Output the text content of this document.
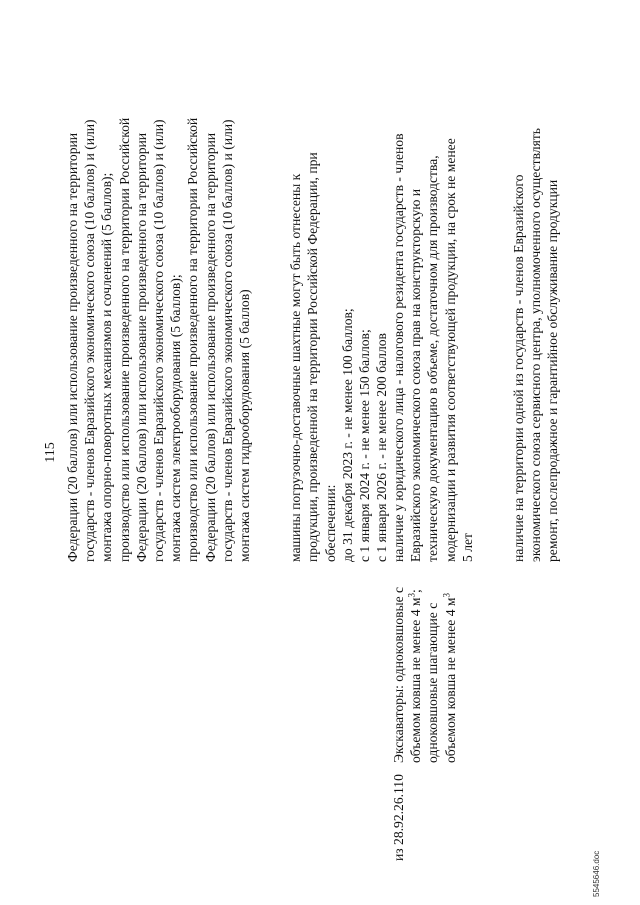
115 Федерации (20 баллов) или использование произведенного на территории государств - членов Евразийского экономического союза (10 баллов) и (или) монтажа опорно-поворотных механизмов и сочленений (5 баллов); производство или использование произведенного на территории Российской Федерации (20 баллов) или использование произведенного на территории государств - членов Евразийского экономического союза (10 баллов) и (или) монтажа систем электрооборудования (5 баллов); производство или использование произведенного на территории Российской Федерации (20 баллов) или использование произведенного на территории государств - членов Евразийского экономического союза (10 баллов) и (или) монтажа систем гидрооборудования (5 баллов)	машины погрузочно-доставочные шахтные могут быть отнесены к продукции, произведенной на территории Российской Федерации, при обеспечении: до 31 декабря 2023 г. - не менее 100 баллов; с 1 января 2024 г. - не менее 150 баллов; с 1 января 2026 г. - не менее 200 баллов
из 28.92.26.110
Экскаваторы: одноковшовые с объемом ковша не менее 4 $м^3$;
одноковшовые шагающие с объемом ковша не менее 4 $м^3$
наличие у юридического лица - налогового резидента государств - членов Евразийского экономического союза прав на конструкторскую и техническую документацию в объеме, достаточном для производства, модернизации и развития соответствующей продукции, на срок не менее 5 лет	наличие на территории одной из государств - членов Евразийского экономического союза сервисного центра, уполномоченного осуществлять ремонт, послепродажное и гарантийное обслуживание продукции
5545646.doc
